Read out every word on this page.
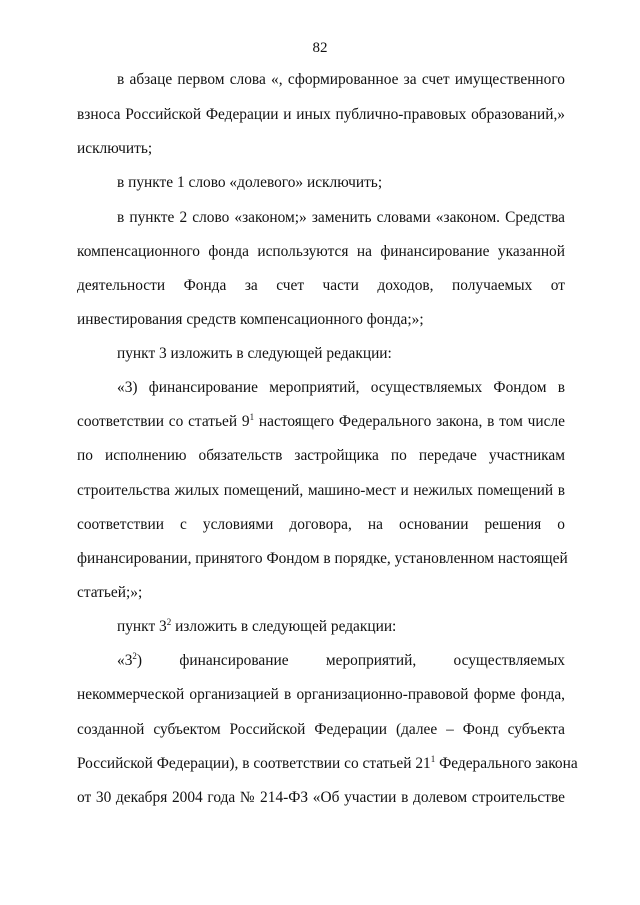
82
в абзаце первом слова «, сформированное за счет имущественного
взноса Российской Федерации и иных публично-правовых образований,»
исключить;
в пункте 1 слово «долевого» исключить;
в пункте 2 слово «законом;» заменить словами «законом. Средства
компенсационного фонда используются на финансирование указанной
деятельности Фонда за счет части доходов, получаемых от
инвестирования средств компенсационного фонда;»;
пункт 3 изложить в следующей редакции:
«3) финансирование мероприятий, осуществляемых Фондом в
соответствии со статьей $9^1$ настоящего Федерального закона, в том числе
по исполнению обязательств застройщика по передаче участникам
строительства жилых помещений, машино-мест и нежилых помещений в
соответствии с условиями договора, на основании решения о
финансировании, принятого Фондом в порядке, установленном настоящей
статьей;»;
пункт $3^2$ изложить в следующей редакции:
«$3^2$) финансирование мероприятий, осуществляемых
некоммерческой организацией в организационно-правовой форме фонда,
созданной субъектом Российской Федерации (далее – Фонд субъекта
Российской Федерации), в соответствии со статьей $21^1$ Федерального закона
от 30 декабря 2004 года № 214-ФЗ «Об участии в долевом строительстве
